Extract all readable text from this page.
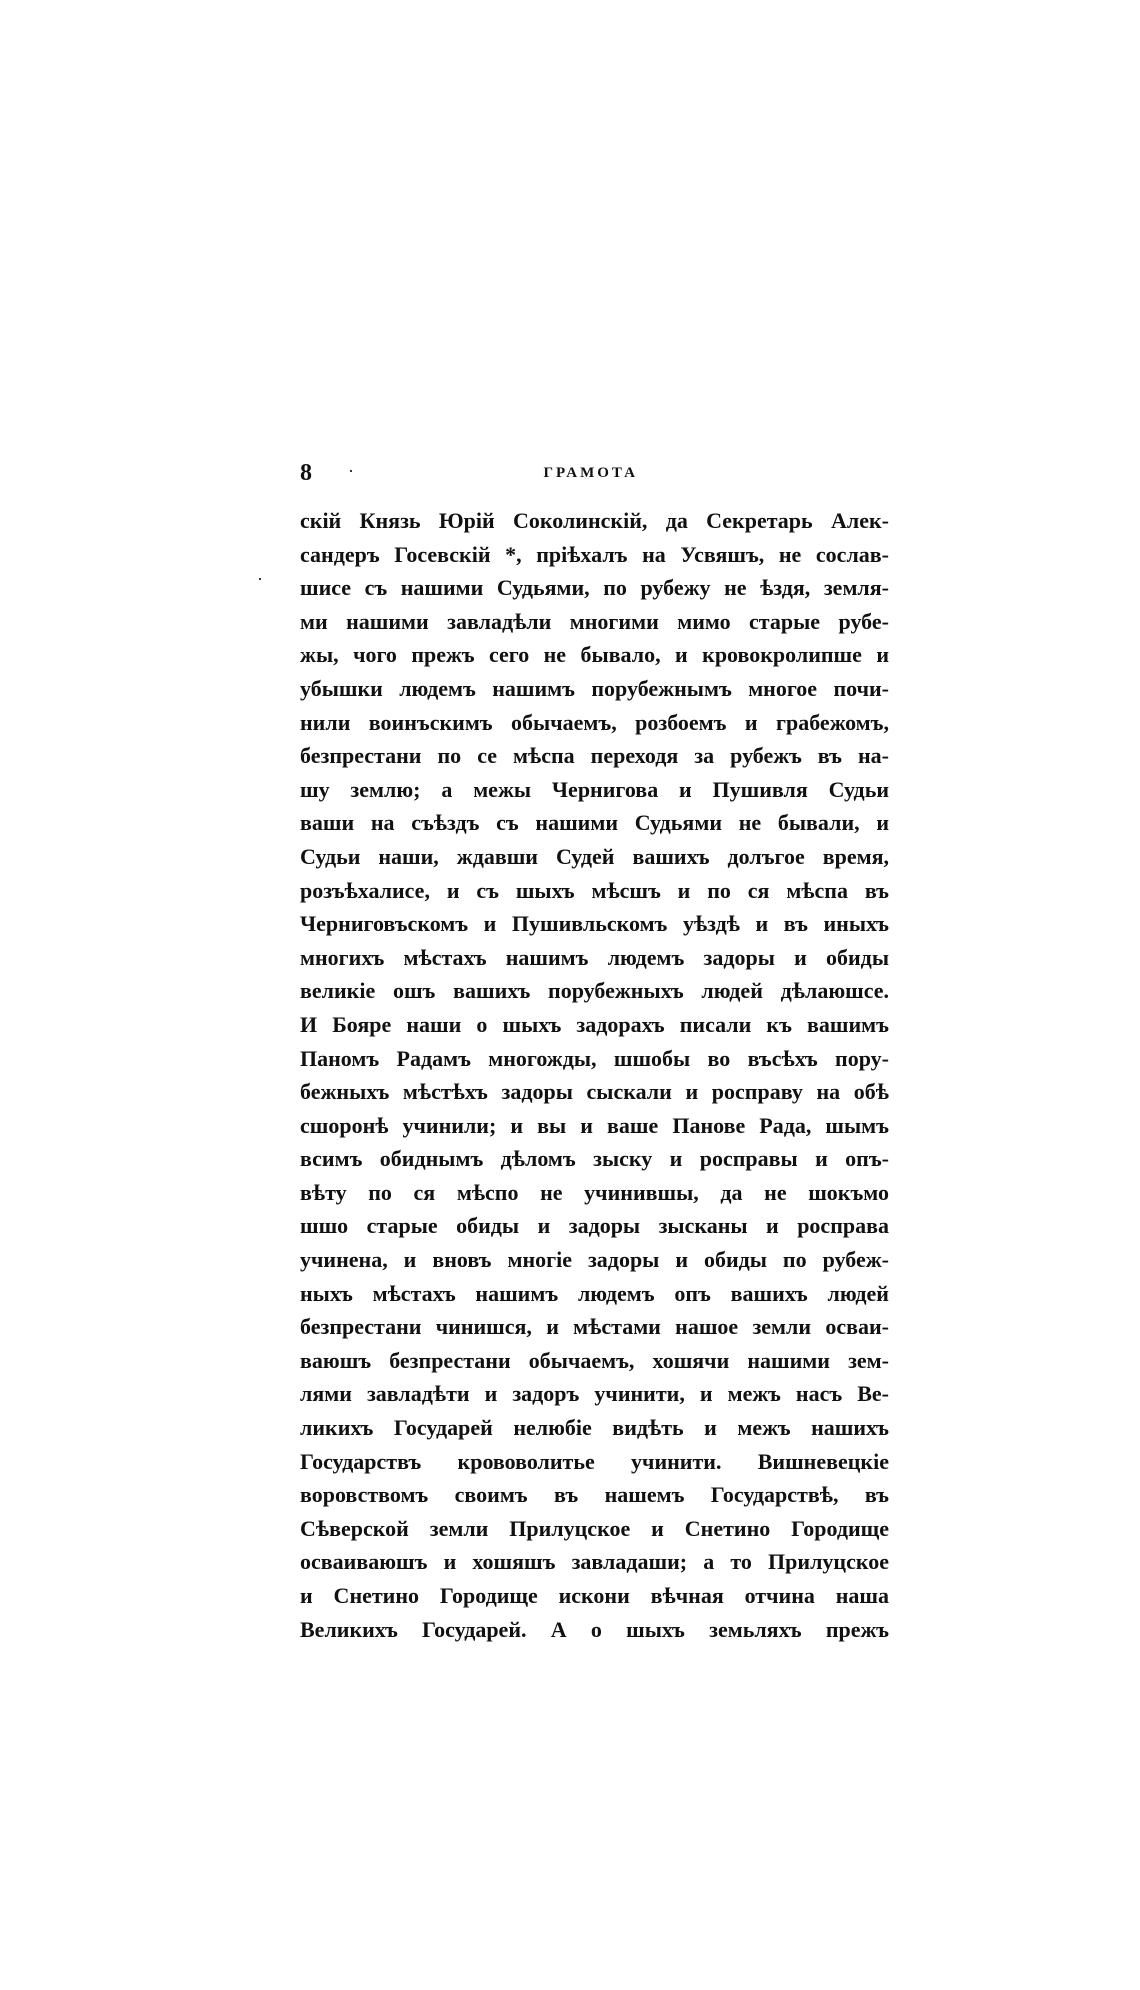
8 ·	ГРАМОТА
·
скій Князь Юрій Соколинскій, да Секретарь Алек-
сандеръ Госевскій *, пріѣхалъ на Усвяшъ, не сослав-
шисе съ нашими Судьями, по рубежу не ѣздя, земля-
ми нашими завладѣли многими мимо старые рубе-
жы, чого прежъ сего не бывало, и кровокролипше и
убышки людемъ нашимъ порубежнымъ многое почи-
нили воинъскимъ обычаемъ, розбоемъ и грабежомъ,
безпрестани по се мѣспа переходя за рубежъ въ на-
шу землю; а межы Чернигова и Пушивля Судьи
ваши на съѣздъ съ нашими Судьями не бывали, и
Судьи наши, ждавши Судей вашихъ долъгое время,
розъѣхалисе, и съ шыхъ мѣсшъ и по ся мѣспа въ
Черниговъскомъ и Пушивльскомъ уѣздѣ и въ иныхъ
многихъ мѣстахъ нашимъ людемъ задоры и обиды
великіе ошъ вашихъ порубежныхъ людей дѣлаюшсе.
И Бояре наши о шыхъ задорахъ писали къ вашимъ
Паномъ Радамъ многожды, шшобы во въсѣхъ пору-
бежныхъ мѣстѣхъ задоры сыскали и росправу на обѣ
сшоронѣ учинили; и вы и ваше Панове Рада, шымъ
всимъ обиднымъ дѣломъ зыску и росправы и опъ-
вѣту по ся мѣспо не учинившы, да не шокъмо
шшо старые обиды и задоры зысканы и росправа
учинена, и вновъ многіе задоры и обиды по рубеж-
ныхъ мѣстахъ нашимъ людемъ опъ вашихъ людей
безпрестани чинишся, и мѣстами нашое земли осваи-
ваюшъ безпрестани обычаемъ, хошячи нашими зем-
лями завладѣти и задоръ учинити, и межъ насъ Ве-
ликихъ Государей нелюбіе видѣть и межъ нашихъ
Государствъ крововолитье учинити. Вишневецкіе
воровствомъ своимъ въ нашемъ Государствѣ, въ
Сѣверской земли Прилуцское и Снетино Городище
осваиваюшъ и хошяшъ завладаши; а то Прилуцское
и Снетино Городище искони вѣчная отчина наша
Великихъ Государей. А о шыхъ земьляхъ прежъ
